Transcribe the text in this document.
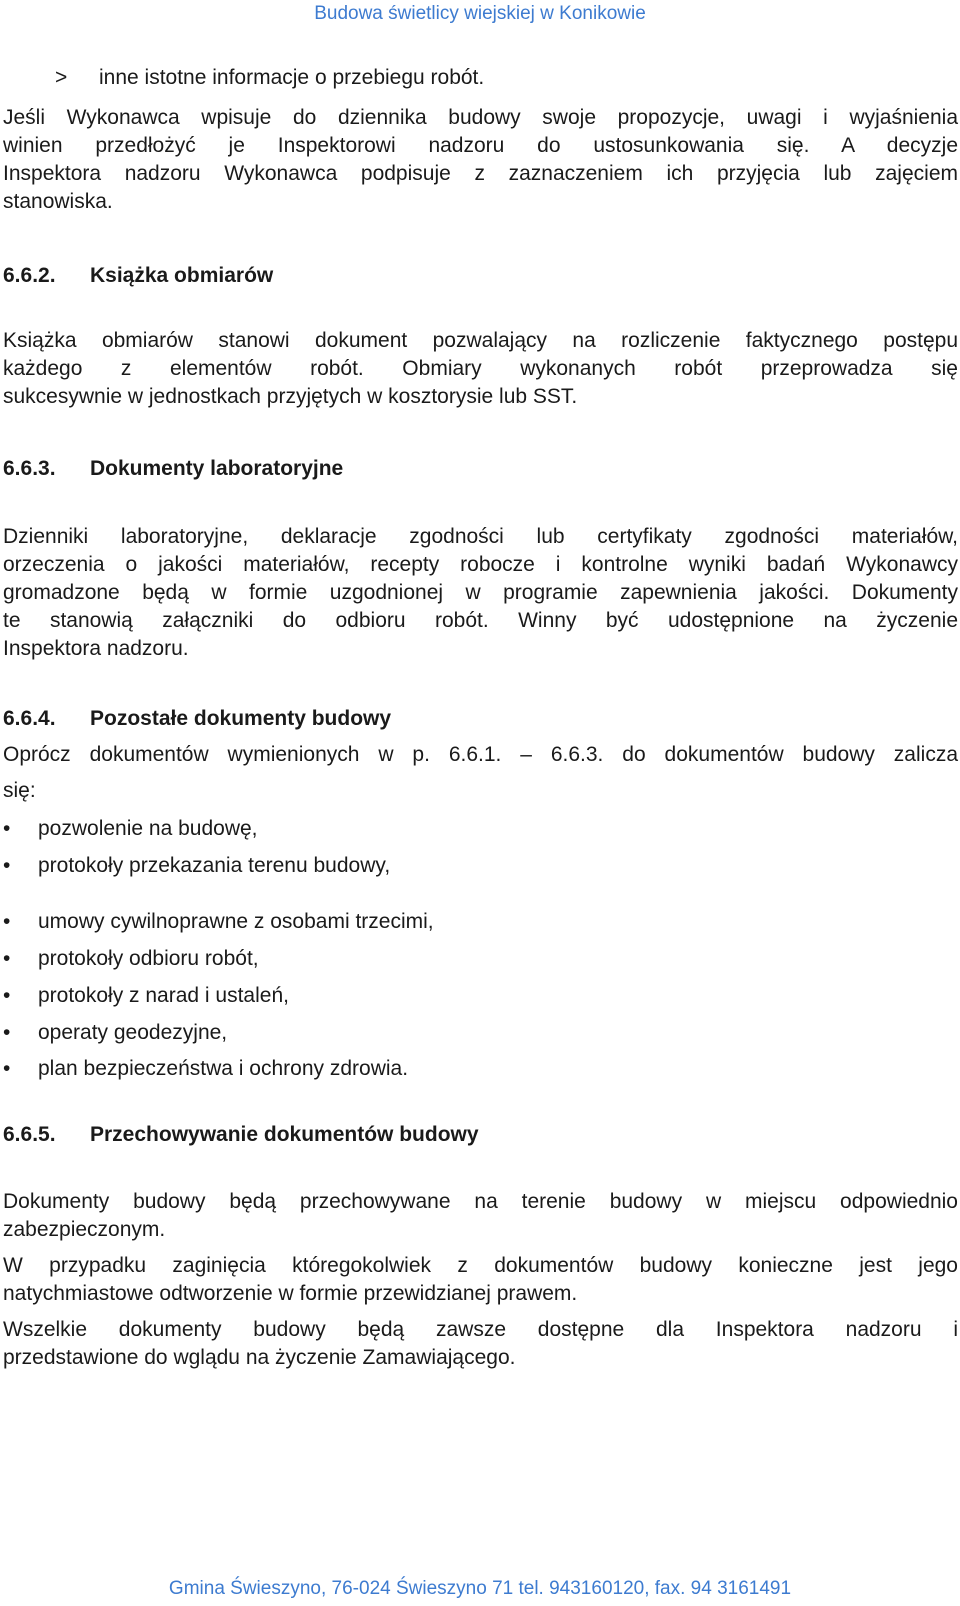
Budowa świetlicy wiejskiej w Konikowie
> inne istotne informacje o przebiegu robót.
Jeśli Wykonawca wpisuje do dziennika budowy swoje propozycje, uwagi i wyjaśnienia
winien przedłożyć je Inspektorowi nadzoru do ustosunkowania się. A decyzje
Inspektora nadzoru Wykonawca podpisuje z zaznaczeniem ich przyjęcia lub zajęciem
stanowiska.
6.6.2. Książka obmiarów
Książka obmiarów stanowi dokument pozwalający na rozliczenie faktycznego postępu
każdego z elementów robót. Obmiary wykonanych robót przeprowadza się
sukcesywnie w jednostkach przyjętych w kosztorysie lub SST.
6.6.3. Dokumenty laboratoryjne
Dzienniki laboratoryjne, deklaracje zgodności lub certyfikaty zgodności materiałów,
orzeczenia o jakości materiałów, recepty robocze i kontrolne wyniki badań Wykonawcy
gromadzone będą w formie uzgodnionej w programie zapewnienia jakości. Dokumenty
te stanowią załączniki do odbioru robót. Winny być udostępnione na życzenie
Inspektora nadzoru.
6.6.4. Pozostałe dokumenty budowy
Oprócz dokumentów wymienionych w p. 6.6.1. – 6.6.3. do dokumentów budowy zalicza
się:
• pozwolenie na budowę,
• protokoły przekazania terenu budowy,
• umowy cywilnoprawne z osobami trzecimi,
• protokoły odbioru robót,
• protokoły z narad i ustaleń,
• operaty geodezyjne,
• plan bezpieczeństwa i ochrony zdrowia.
6.6.5. Przechowywanie dokumentów budowy
Dokumenty budowy będą przechowywane na terenie budowy w miejscu odpowiednio
zabezpieczonym.
W przypadku zaginięcia któregokolwiek z dokumentów budowy konieczne jest jego
natychmiastowe odtworzenie w formie przewidzianej prawem.
Wszelkie dokumenty budowy będą zawsze dostępne dla Inspektora nadzoru i
przedstawione do wglądu na życzenie Zamawiającego.
Gmina Świeszyno, 76-024 Świeszyno 71 tel. 943160120, fax. 94 3161491
